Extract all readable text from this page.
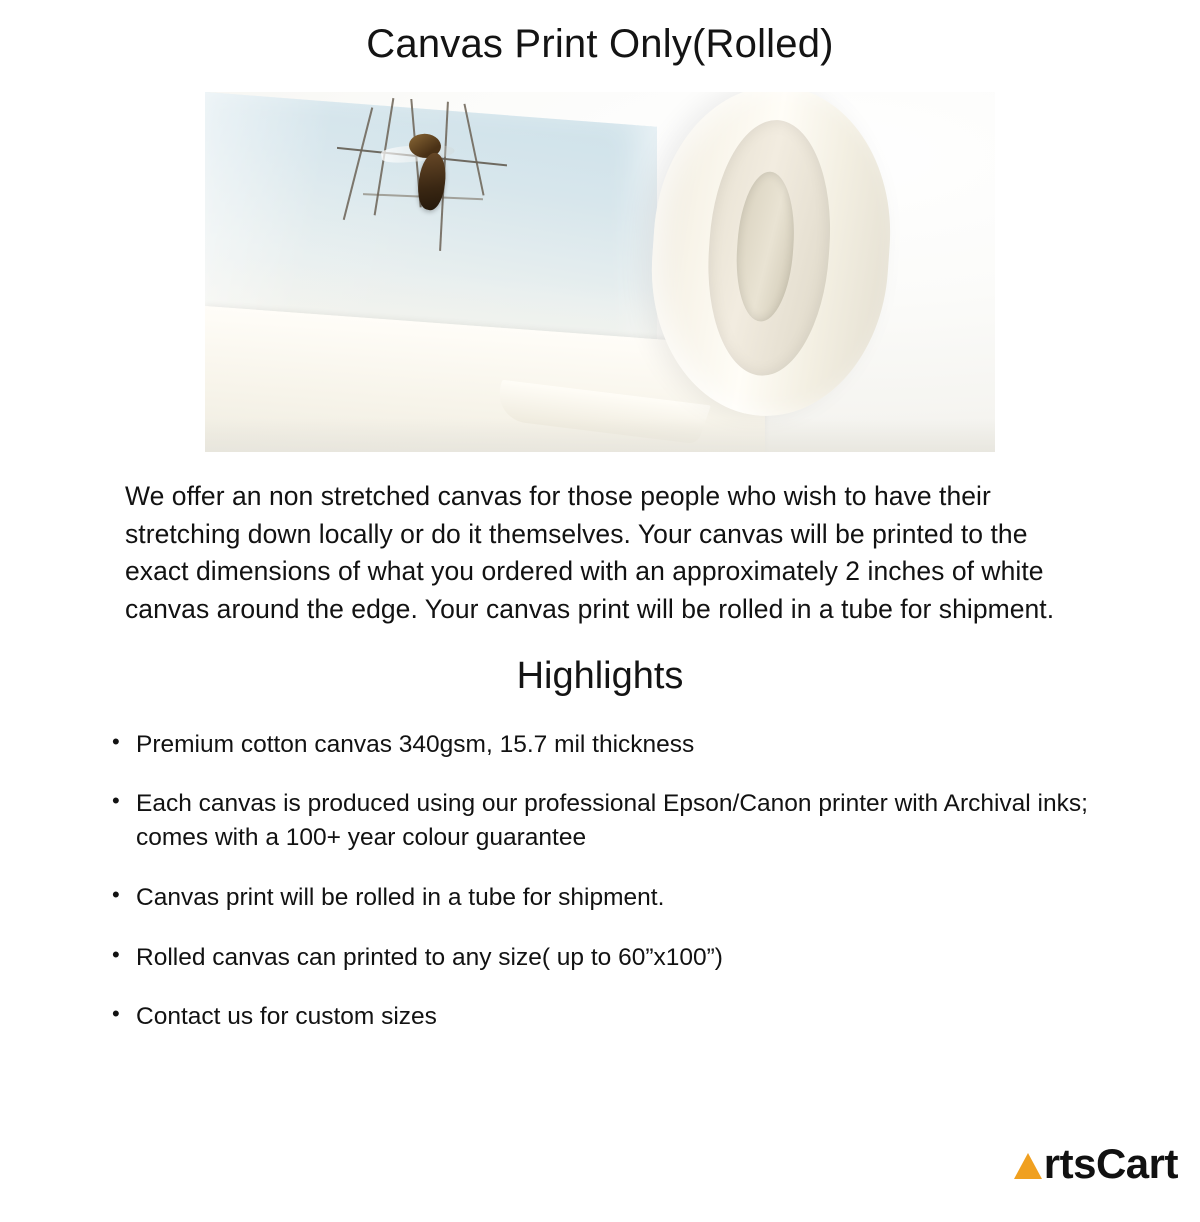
Canvas Print Only(Rolled)

We offer an non stretched canvas for those people who wish to have their stretching down locally or do it themselves. Your canvas will be printed to the exact dimensions of what you ordered with an approximately 2 inches of white canvas around the edge. Your canvas print will be rolled in a tube for shipment.

Highlights
• Premium cotton canvas 340gsm, 15.7 mil thickness
• Each canvas is produced using our professional Epson/Canon printer with Archival inks; comes with a 100+ year colour guarantee
• Canvas print will be rolled in a tube for shipment.
• Rolled canvas can printed to any size( up to 60”x100”)
• Contact us for custom sizes
rtsCart
